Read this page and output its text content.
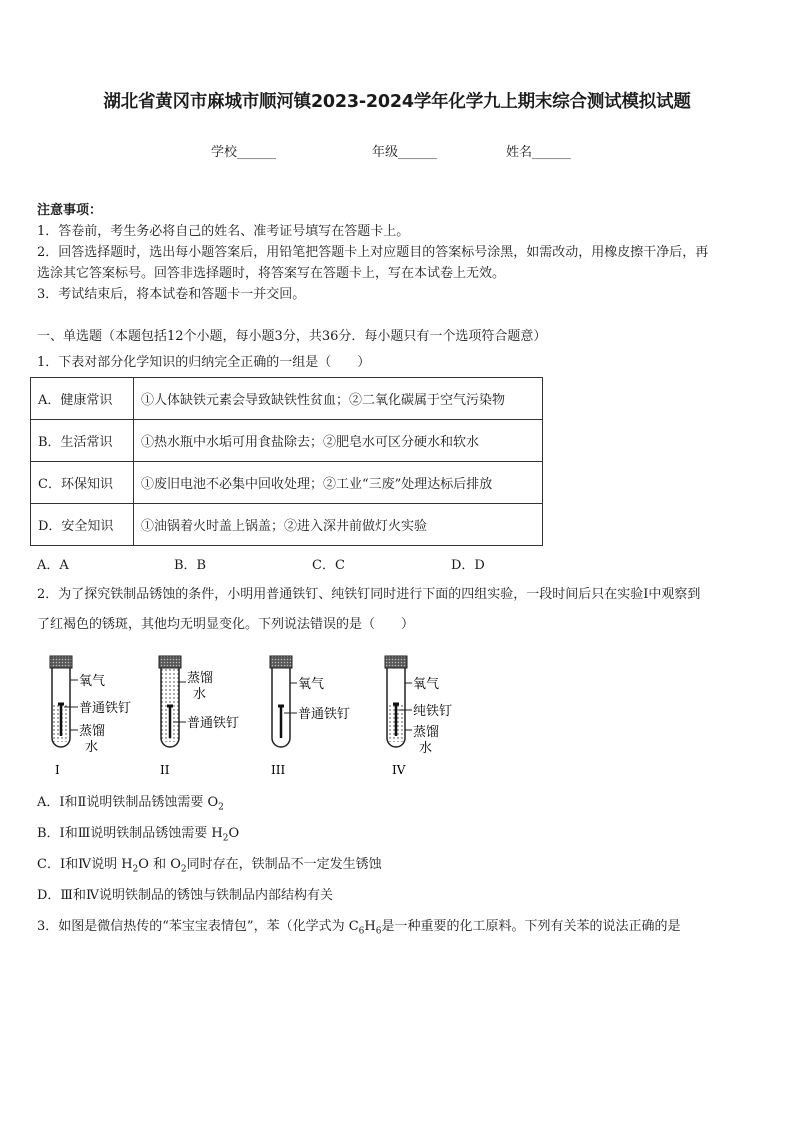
湖北省黄冈市麻城市顺河镇2023-2024学年化学九上期末综合测试模拟试题
学校______	年级______	姓名______
注意事项：
1．答卷前，考生务必将自己的姓名、准考证号填写在答题卡上。
2．回答选择题时，选出每小题答案后，用铅笔把答题卡上对应题目的答案标号涂黑，如需改动，用橡皮擦干净后，再
选涂其它答案标号。回答非选择题时，将答案写在答题卡上，写在本试卷上无效。
3．考试结束后，将本试卷和答题卡一并交回。
一、单选题（本题包括12个小题，每小题3分，共36分．每小题只有一个选项符合题意）
1．下表对部分化学知识的归纳完全正确的一组是（　　）
A．健康常识	①人体缺铁元素会导致缺铁性贫血；②二氧化碳属于空气污染物
B．生活常识	①热水瓶中水垢可用食盐除去；②肥皂水可区分硬水和软水
C．环保知识	①废旧电池不必集中回收处理；②工业“三废”处理达标后排放
D．安全知识	①油锅着火时盖上锅盖；②进入深井前做灯火实验
A．A	B．B	C．C	D．D
2．为了探究铁制品锈蚀的条件，小明用普通铁钉、纯铁钉同时进行下面的四组实验，一段时间后只在实验Ⅰ中观察到
了红褐色的锈斑，其他均无明显变化。下列说法错误的是（　　）
氧气
普通铁钉
蒸馏
水
I
蒸馏
水
普通铁钉
II
氧气
普通铁钉
III
氧气
纯铁钉
蒸馏
水
IV
A．Ⅰ和Ⅱ说明铁制品锈蚀需要 $O_2$
B．Ⅰ和Ⅲ说明铁制品锈蚀需要 $H_2O$
C．Ⅰ和Ⅳ说明 $H_2O$ 和 $O_2$同时存在，铁制品不一定发生锈蚀
D．Ⅲ和Ⅳ说明铁制品的锈蚀与铁制品内部结构有关
3．如图是微信热传的“苯宝宝表情包”，苯（化学式为 $C_6H_6$是一种重要的化工原料。下列有关苯的说法正确的是
